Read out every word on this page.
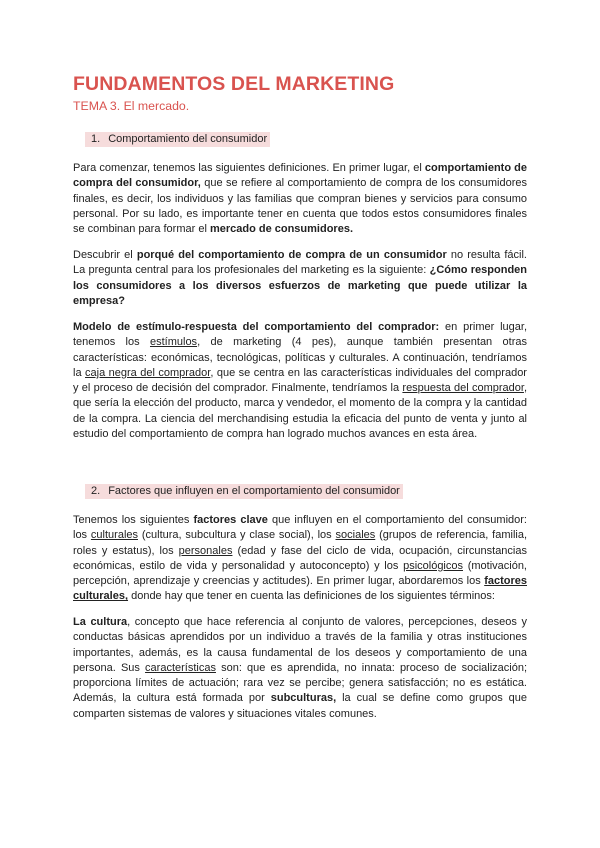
FUNDAMENTOS DEL MARKETING
TEMA 3. El mercado.
1. Comportamiento del consumidor

Para comenzar, tenemos las siguientes definiciones. En primer lugar, el comportamiento de compra del consumidor, que se refiere al comportamiento de compra de los consumidores finales, es decir, los individuos y las familias que compran bienes y servicios para consumo personal. Por su lado, es importante tener en cuenta que todos estos consumidores finales se combinan para formar el mercado de consumidores.

Descubrir el porqué del comportamiento de compra de un consumidor no resulta fácil. La pregunta central para los profesionales del marketing es la siguiente: ¿Cómo responden los consumidores a los diversos esfuerzos de marketing que puede utilizar la empresa?

Modelo de estímulo-respuesta del comportamiento del comprador: en primer lugar, tenemos los estímulos, de marketing (4 pes), aunque también presentan otras características: económicas, tecnológicas, políticas y culturales. A continuación, tendríamos la caja negra del comprador, que se centra en las características individuales del comprador y el proceso de decisión del comprador. Finalmente, tendríamos la respuesta del comprador, que sería la elección del producto, marca y vendedor, el momento de la compra y la cantidad de la compra. La ciencia del merchandising estudia la eficacia del punto de venta y junto al estudio del comportamiento de compra han logrado muchos avances en esta área.

2. Factores que influyen en el comportamiento del consumidor

Tenemos los siguientes factores clave que influyen en el comportamiento del consumidor: los culturales (cultura, subcultura y clase social), los sociales (grupos de referencia, familia, roles y estatus), los personales (edad y fase del ciclo de vida, ocupación, circunstancias económicas, estilo de vida y personalidad y autoconcepto) y los psicológicos (motivación, percepción, aprendizaje y creencias y actitudes). En primer lugar, abordaremos los factores culturales, donde hay que tener en cuenta las definiciones de los siguientes términos:

La cultura, concepto que hace referencia al conjunto de valores, percepciones, deseos y conductas básicas aprendidos por un individuo a través de la familia y otras instituciones importantes, además, es la causa fundamental de los deseos y comportamiento de una persona. Sus características son: que es aprendida, no innata: proceso de socialización; proporciona límites de actuación; rara vez se percibe; genera satisfacción; no es estática. Además, la cultura está formada por subculturas, la cual se define como grupos que comparten sistemas de valores y situaciones vitales comunes.
